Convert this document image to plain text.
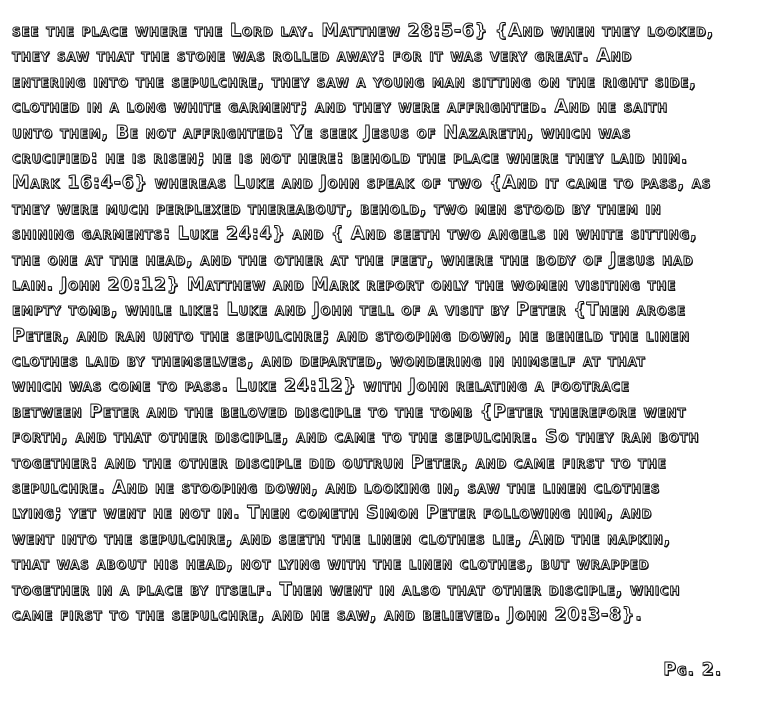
see the place where the Lord lay. Matthew 28:5-6} {And when they looked,
they saw that the stone was rolled away: for it was very great. And
entering into the sepulchre, they saw a young man sitting on the right side,
clothed in a long white garment; and they were affrighted. And he saith
unto them, Be not affrighted: Ye seek Jesus of Nazareth, which was
crucified: he is risen; he is not here: behold the place where they laid him.
Mark 16:4-6} whereas Luke and John speak of two {And it came to pass, as
they were much perplexed thereabout, behold, two men stood by them in
shining garments: Luke 24:4} and { And seeth two angels in white sitting,
the one at the head, and the other at the feet, where the body of Jesus had
lain. John 20:12} Matthew and Mark report only the women visiting the
empty tomb, while like: Luke and John tell of a visit by Peter {Then arose
Peter, and ran unto the sepulchre; and stooping down, he beheld the linen
clothes laid by themselves, and departed, wondering in himself at that
which was come to pass. Luke 24:12} with John relating a footrace
between Peter and the beloved disciple to the tomb {Peter therefore went
forth, and that other disciple, and came to the sepulchre. So they ran both
together: and the other disciple did outrun Peter, and came first to the
sepulchre. And he stooping down, and looking in, saw the linen clothes
lying; yet went he not in. Then cometh Simon Peter following him, and
went into the sepulchre, and seeth the linen clothes lie, And the napkin,
that was about his head, not lying with the linen clothes, but wrapped
together in a place by itself. Then went in also that other disciple, which
came first to the sepulchre, and he saw, and believed. John 20:3-8}.
Pg. 2.
